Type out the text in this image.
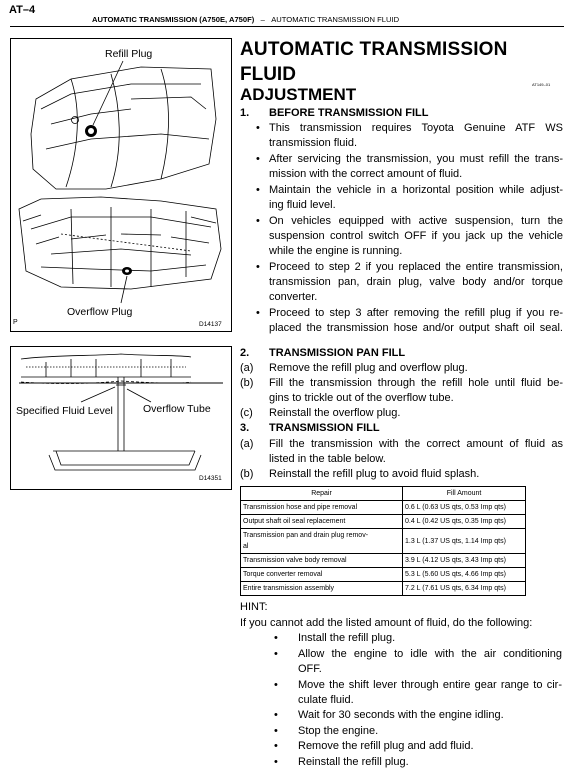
AT–4
AUTOMATIC TRANSMISSION (A750E, A750F) – AUTOMATIC TRANSMISSION FLUID
Refill Plug
Overflow Plug
P	D14137
Specified Fluid Level	Overflow Tube
D14351
AUTOMATIC TRANSMISSION
FLUID
ADJUSTMENT
AT149–01
1. BEFORE TRANSMISSION FILL
• This transmission requires Toyota Genuine ATF WS
transmission fluid.
• After servicing the transmission, you must refill the trans-
mission with the correct amount of fluid.
• Maintain the vehicle in a horizontal position while adjust-
ing fluid level.
• On vehicles equipped with active suspension, turn the
suspension control switch OFF if you jack up the vehicle
while the engine is running.
• Proceed to step 2 if you replaced the entire transmission,
transmission pan, drain plug, valve body and/or torque
converter.
• Proceed to step 3 after removing the refill plug if you re-
placed the transmission hose and/or output shaft oil seal.
2. TRANSMISSION PAN FILL
(a) Remove the refill plug and overflow plug.
(b) Fill the transmission through the refill hole until fluid be-
gins to trickle out of the overflow tube.
(c) Reinstall the overflow plug.
3. TRANSMISSION FILL
(a) Fill the transmission with the correct amount of fluid as
listed in the table below.
(b) Reinstall the refill plug to avoid fluid splash.
Repair	Fill Amount
Transmission hose and pipe removal	0.6 L (0.63 US qts, 0.53 Imp qts)
Output shaft oil seal replacement	0.4 L (0.42 US qts, 0.35 Imp qts)
Transmission pan and drain plug remov-
al	1.3 L (1.37 US qts, 1.14 Imp qts)
Transmission valve body removal	3.9 L (4.12 US qts, 3.43 Imp qts)
Torque converter removal	5.3 L (5.60 US qts, 4.66 Imp qts)
Entire transmission assembly	7.2 L (7.61 US qts, 6.34 Imp qts)
HINT:
If you cannot add the listed amount of fluid, do the following:
• Install the refill plug.
• Allow the engine to idle with the air conditioning
OFF.
• Move the shift lever through entire gear range to cir-
culate fluid.
• Wait for 30 seconds with the engine idling.
• Stop the engine.
• Remove the refill plug and add fluid.
• Reinstall the refill plug.
